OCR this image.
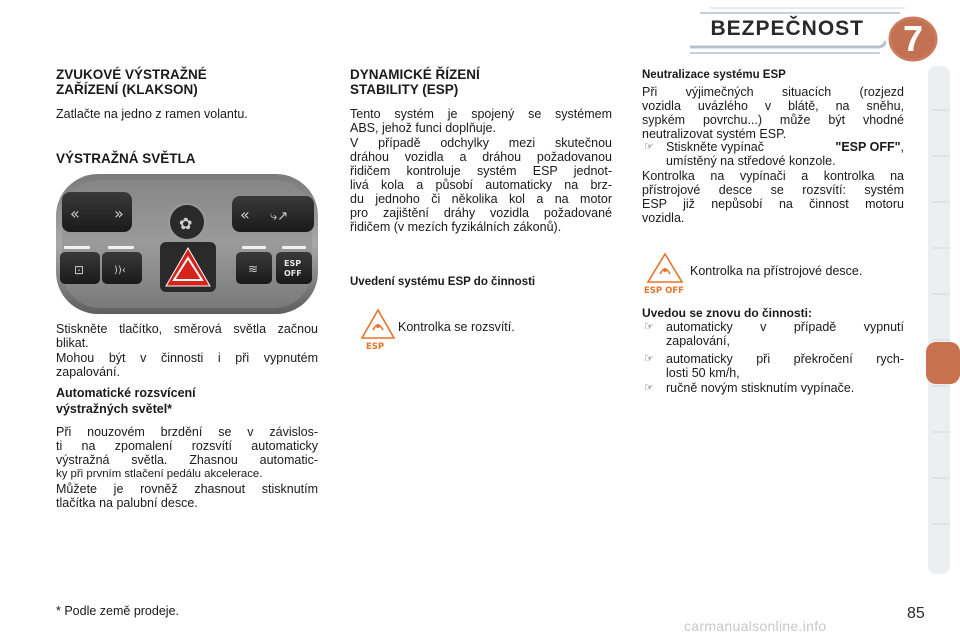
BEZPEČNOST	7
ZVUKOVÉ VÝSTRAŽNÉ
ZAŘÍZENÍ (KLAKSON)

Zatlačte na jedno z ramen volantu.

VÝSTRAŽNÁ SVĚTLA
« »	« ⤷↗
✿
⊡	))‹	≋	ESP
OFF

Stiskněte tlačítko, směrová světla začnou blikat.

Mohou být v činnosti i při vypnutém zapalování.

Automatické rozsvícení
výstražných světel*

Při nouzovém brzdění se v závislos-

ti na zpomalení rozsvítí automaticky

výstražná světla. Zhasnou automatic-

ky při prvním stlačení pedálu akcelerace.

Můžete je rovněž zhasnout stisknutím

tlačítka na palubní desce.

DYNAMICKÉ ŘÍZENÍ
STABILITY (ESP)

Tento systém je spojený se systémem

ABS, jehož funci doplňuje.

V případě odchylky mezi skutečnou

dráhou vozidla a dráhou požadovanou

řidičem kontroluje systém ESP jednot-

livá kola a působí automaticky na brz-

du jednoho či několika kol a na motor

pro zajištění dráhy vozidla požadované

řidičem (v mezích fyzikálních zákonů).

Uvedení systému ESP do činnosti
ESP
Kontrolka se rozsvítí.
Neutralizace systému ESP

Při výjimečných situacích (rozjezd

vozidla uvázlého v blátě, na sněhu,

sypkém povrchu...) může být vhodné

neutralizovat systém ESP.

☞ Stiskněte vypínač	"ESP OFF",
umístěný na středové konzole.

Kontrolka na vypínači a kontrolka na

přístrojové desce se rozsvítí: systém

ESP již nepůsobí na činnost motoru

vozidla.

ESP OFF
Kontrolka na přístrojové desce.
Uvedou se znovu do činnosti:
☞ automaticky v případě vypnutí
zapalování,
☞ automaticky při překročení rych-
losti 50 km/h,
☞ ručně novým stisknutím vypínače.
* Podle země prodeje.	85
carmanualsonline.info
